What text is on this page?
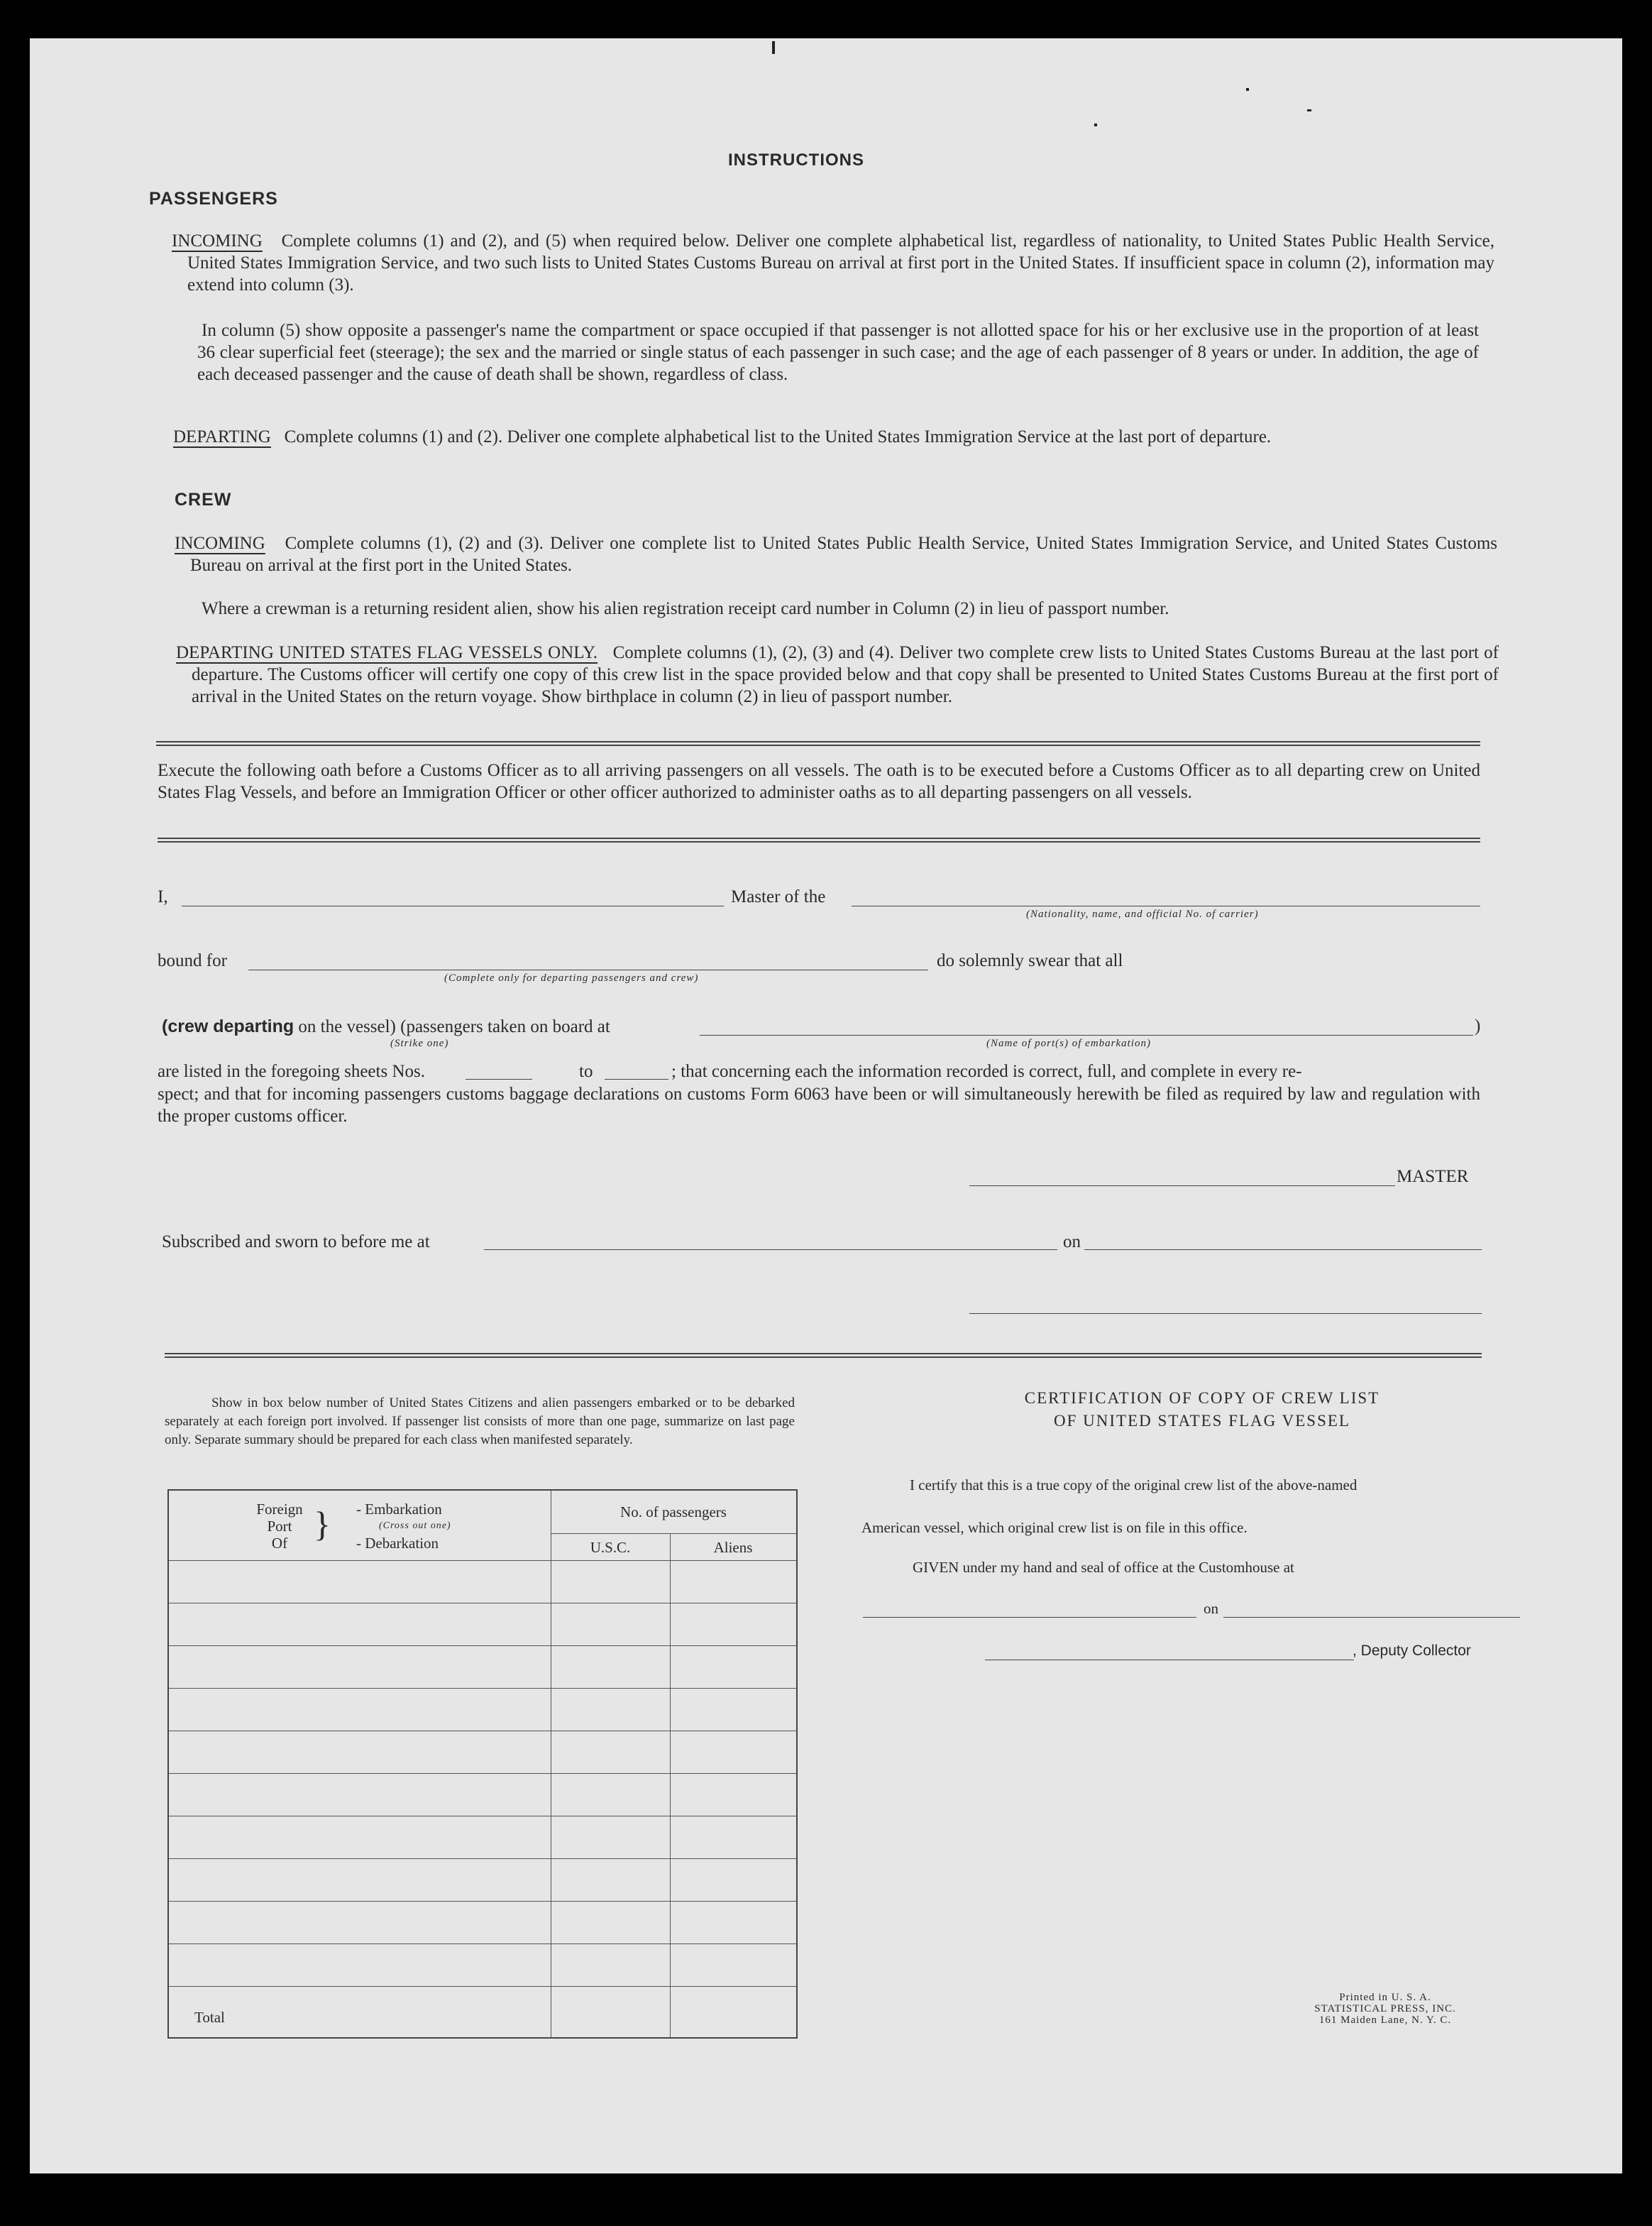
INSTRUCTIONS
PASSENGERS

INCOMING Complete columns (1) and (2), and (5) when required below. Deliver one complete alphabetical list, regardless of nationality, to United States Public Health Service, United States Immigration Service, and two such lists to United States Customs Bureau on arrival at first port in the United States. If insufficient space in column (2), information may extend into column (3).

In column (5) show opposite a passenger's name the compartment or space occupied if that passenger is not allotted space for his or her exclusive use in the proportion of at least 36 clear superficial feet (steerage); the sex and the married or single status of each passenger in such case; and the age of each passenger of 8 years or under. In addition, the age of each deceased passenger and the cause of death shall be shown, regardless of class.

DEPARTING Complete columns (1) and (2). Deliver one complete alphabetical list to the United States Immigration Service at the last port of departure.

CREW

INCOMING Complete columns (1), (2) and (3). Deliver one complete list to United States Public Health Service, United States Immigration Service, and United States Customs Bureau on arrival at the first port in the United States.

Where a crewman is a returning resident alien, show his alien registration receipt card number in Column (2) in lieu of passport number.

DEPARTING UNITED STATES FLAG VESSELS ONLY. Complete columns (1), (2), (3) and (4). Deliver two complete crew lists to United States Customs Bureau at the last port of departure. The Customs officer will certify one copy of this crew list in the space provided below and that copy shall be presented to United States Customs Bureau at the first port of arrival in the United States on the return voyage. Show birthplace in column (2) in lieu of passport number.

Execute the following oath before a Customs Officer as to all arriving passengers on all vessels. The oath is to be executed before a Customs Officer as to all departing crew on United States Flag Vessels, and before an Immigration Officer or other officer authorized to administer oaths as to all departing passengers on all vessels.

I,	Master of the
(Nationality, name, and official No. of carrier)
bound for
(Complete only for departing passengers and crew)
do solemnly swear that all
(crew departing on the vessel) (passengers taken on board at	)
(Strike one)	(Name of port(s) of embarkation)
are listed in the foregoing sheets Nos.	to	; that concerning each the information recorded is correct, full, and complete in every re-

spect; and that for incoming passengers customs baggage declarations on customs Form 6063 have been or will simultaneously herewith be filed as required by law and regulation with the proper customs officer.

MASTER
Subscribed and sworn to before me at	on

Show in box below number of United States Citizens and alien passengers embarked or to be debarked separately at each foreign port involved. If passenger list consists of more than one page, summarize on last page only. Separate summary should be prepared for each class when manifested separately.

Foreign
Port
Of } - Embarkation
(Cross out one)
- Debarkation
No. of passengers
U.S.C.	Aliens
Total
CERTIFICATION OF COPY OF CREW LIST
OF UNITED STATES FLAG VESSEL
I certify that this is a true copy of the original crew list of the above-named
American vessel, which original crew list is on file in this office.
GIVEN under my hand and seal of office at the Customhouse at
on
, Deputy Collector
Printed in U. S. A.
STATISTICAL PRESS, INC.
161 Maiden Lane, N. Y. C.
